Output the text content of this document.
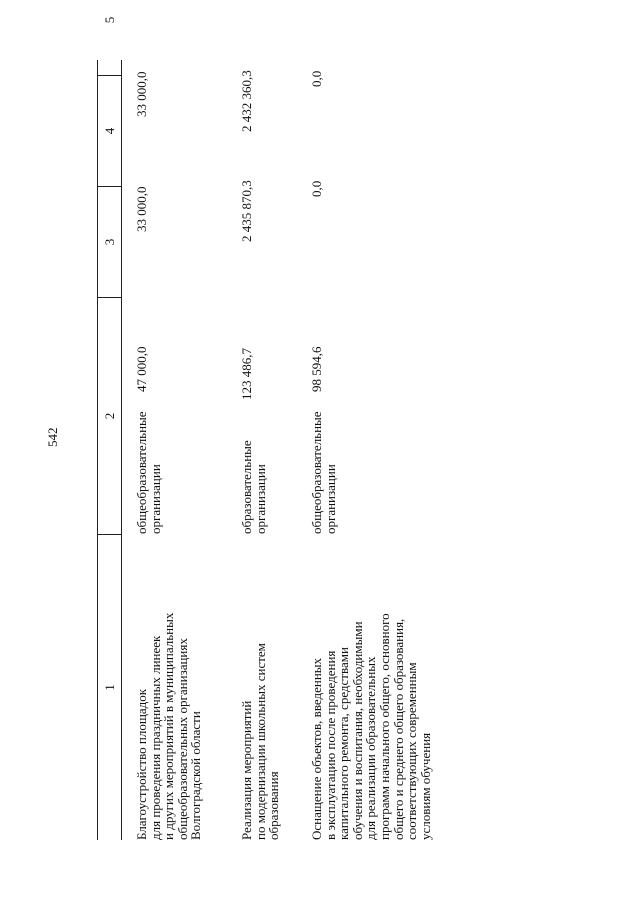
542
1
2
3
4
5
Благоустройство площадок
для проведения праздничных линеек
и других мероприятий в муниципальных
общеобразовательных организациях
Волгоградской области
общеобразовательные
организации
47 000,0
33 000,0
33 000,0
Реализация мероприятий
по модернизации школьных систем
образования
образовательные
организации
123 486,7
2 435 870,3
2 432 360,3
Оснащение объектов, введенных
в эксплуатацию после проведения
капитального ремонта, средствами
обучения и воспитания, необходимыми
для реализации образовательных
программ начального общего, основного
общего и среднего общего образования,
соответствующих современным
условиям обучения
общеобразовательные
организации
98 594,6
0,0
0,0
